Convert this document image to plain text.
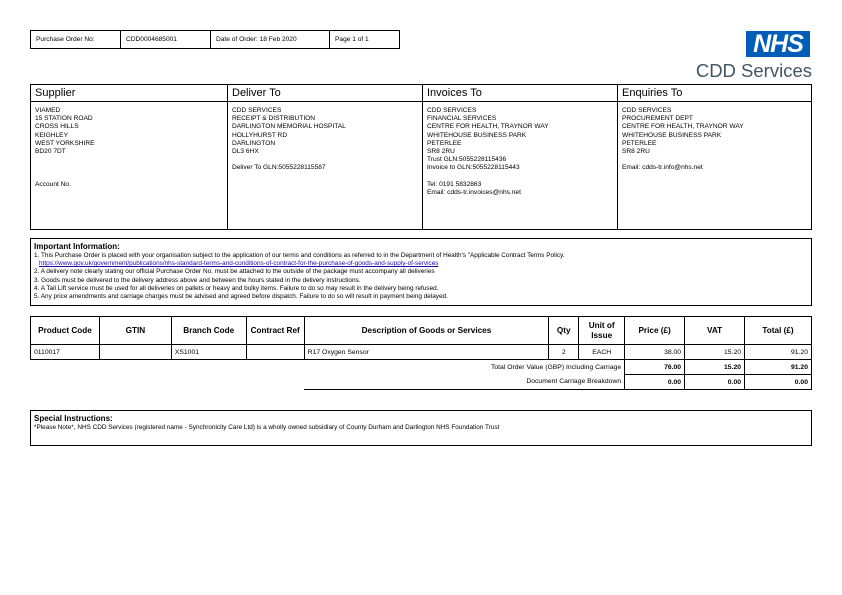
Purchase Order No:	CDD0004685001	Date of Order: 18 Feb 2020	Page 1 of 1	NHS
CDD Services
Supplier
VIAMED
15 STATION ROAD
CROSS HILLS
KEIGHLEY
WEST YORKSHIRE
BD20 7DT
Account No.
Deliver To
CDD SERVICES
RECEIPT & DISTRIBUTION
DARLINGTON MEMORIAL HOSPITAL
HOLLYHURST RD
DARLINGTON
DL3 6HX
Deliver To GLN:5055228115587
Invoices To
CDD SERVICES
FINANCIAL SERVICES
CENTRE FOR HEALTH, TRAYNOR WAY
WHITEHOUSE BUSINESS PARK
PETERLEE
SR8 2RU
Trust GLN:5055228115436
Invoice to GLN:5055228115443
Tel: 0191 5832863
Email: cdds-tr.invoices@nhs.net
Enquiries To
CDD SERVICES
PROCUREMENT DEPT
CENTRE FOR HEALTH, TRAYNOR WAY
WHITEHOUSE BUSINESS PARK
PETERLEE
SR8 2RU
Email: cdds-tr.info@nhs.net
Important Information:
1. This Purchase Order is placed with your organisation subject to the application of our terms and conditions as referred to in the Department of Health's "Applicable Contract Terms Policy.
https://www.gov.uk/government/publications/nhs-standard-terms-and-conditions-of-contract-for-the-purchase-of-goods-and-supply-of-services
2. A delivery note clearly stating our official Purchase Order No. must be attached to the outside of the package must accompany all deliveries
3. Goods must be delivered to the delivery address above and between the hours stated in the delivery instructions.
4. A Tail Lift service must be used for all deliveries on pallets or heavy and bulky items. Failure to do so may result in the delivery being refused.
5. Any price amendments and carriage charges must be advised and agreed before dispatch. Failure to do so will result in payment being delayed.
Product Code	GTIN	Branch Code	Contract Ref	Description of Goods or Services	Qty	Unit of Issue	Price (£)	VAT	Total (£)
0110017		XS1001		R17 Oxygen Sensor	2	EACH	38.00	15.20	91.20
				Total Order Value (GBP) Including Carriage			76.00	15.20	91.20
				Document Carriage Breakdown			0.00	0.00	0.00
Special Instructions:
*Please Note*, NHS CDD Services (registered name - Synchronicity Care Ltd) is a wholly owned subsidiary of County Durham and Darlington NHS Foundation Trust
